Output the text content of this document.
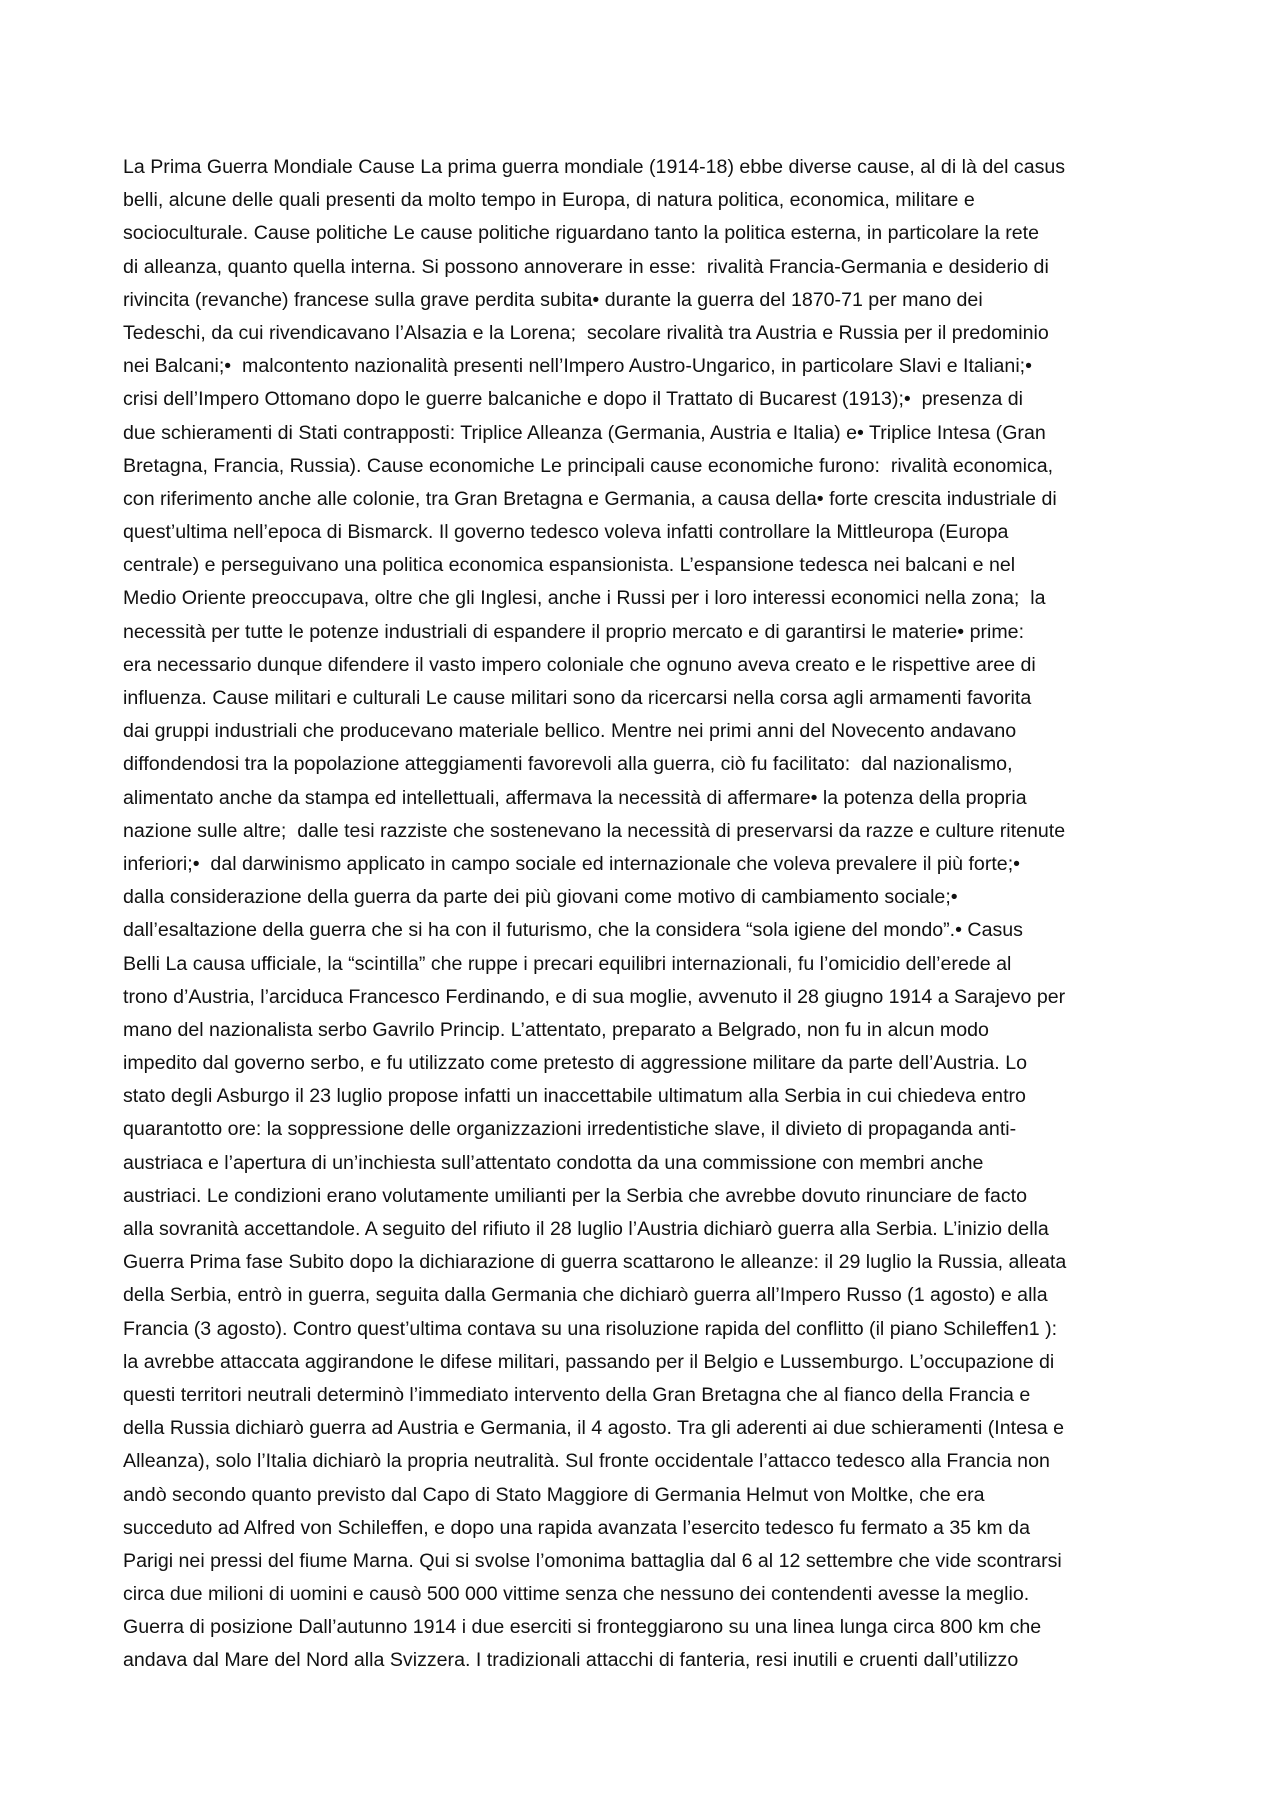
La Prima Guerra Mondiale Cause La prima guerra mondiale (1914-18) ebbe diverse cause, al di là del casus
belli, alcune delle quali presenti da molto tempo in Europa, di natura politica, economica, militare e
socioculturale. Cause politiche Le cause politiche riguardano tanto la politica esterna, in particolare la rete
di alleanza, quanto quella interna. Si possono annoverare in esse:  rivalità Francia-Germania e desiderio di
rivincita (revanche) francese sulla grave perdita subita• durante la guerra del 1870-71 per mano dei
Tedeschi, da cui rivendicavano l’Alsazia e la Lorena;  secolare rivalità tra Austria e Russia per il predominio
nei Balcani;•  malcontento nazionalità presenti nell’Impero Austro-Ungarico, in particolare Slavi e Italiani;•
crisi dell’Impero Ottomano dopo le guerre balcaniche e dopo il Trattato di Bucarest (1913);•  presenza di
due schieramenti di Stati contrapposti: Triplice Alleanza (Germania, Austria e Italia) e• Triplice Intesa (Gran
Bretagna, Francia, Russia). Cause economiche Le principali cause economiche furono:  rivalità economica,
con riferimento anche alle colonie, tra Gran Bretagna e Germania, a causa della• forte crescita industriale di
quest’ultima nell’epoca di Bismarck. Il governo tedesco voleva infatti controllare la Mittleuropa (Europa
centrale) e perseguivano una politica economica espansionista. L’espansione tedesca nei balcani e nel
Medio Oriente preoccupava, oltre che gli Inglesi, anche i Russi per i loro interessi economici nella zona;  la
necessità per tutte le potenze industriali di espandere il proprio mercato e di garantirsi le materie• prime:
era necessario dunque difendere il vasto impero coloniale che ognuno aveva creato e le rispettive aree di
influenza. Cause militari e culturali Le cause militari sono da ricercarsi nella corsa agli armamenti favorita
dai gruppi industriali che producevano materiale bellico. Mentre nei primi anni del Novecento andavano
diffondendosi tra la popolazione atteggiamenti favorevoli alla guerra, ciò fu facilitato:  dal nazionalismo,
alimentato anche da stampa ed intellettuali, affermava la necessità di affermare• la potenza della propria
nazione sulle altre;  dalle tesi razziste che sostenevano la necessità di preservarsi da razze e culture ritenute
inferiori;•  dal darwinismo applicato in campo sociale ed internazionale che voleva prevalere il più forte;•
dalla considerazione della guerra da parte dei più giovani come motivo di cambiamento sociale;•
dall’esaltazione della guerra che si ha con il futurismo, che la considera “sola igiene del mondo”.• Casus
Belli La causa ufficiale, la “scintilla” che ruppe i precari equilibri internazionali, fu l’omicidio dell’erede al
trono d’Austria, l’arciduca Francesco Ferdinando, e di sua moglie, avvenuto il 28 giugno 1914 a Sarajevo per
mano del nazionalista serbo Gavrilo Princip. L’attentato, preparato a Belgrado, non fu in alcun modo
impedito dal governo serbo, e fu utilizzato come pretesto di aggressione militare da parte dell’Austria. Lo
stato degli Asburgo il 23 luglio propose infatti un inaccettabile ultimatum alla Serbia in cui chiedeva entro
quarantotto ore: la soppressione delle organizzazioni irredentistiche slave, il divieto di propaganda anti-
austriaca e l’apertura di un’inchiesta sull’attentato condotta da una commissione con membri anche
austriaci. Le condizioni erano volutamente umilianti per la Serbia che avrebbe dovuto rinunciare de facto
alla sovranità accettandole. A seguito del rifiuto il 28 luglio l’Austria dichiarò guerra alla Serbia. L’inizio della
Guerra Prima fase Subito dopo la dichiarazione di guerra scattarono le alleanze: il 29 luglio la Russia, alleata
della Serbia, entrò in guerra, seguita dalla Germania che dichiarò guerra all’Impero Russo (1 agosto) e alla
Francia (3 agosto). Contro quest’ultima contava su una risoluzione rapida del conflitto (il piano Schileffen1 ):
la avrebbe attaccata aggirandone le difese militari, passando per il Belgio e Lussemburgo. L’occupazione di
questi territori neutrali determinò l’immediato intervento della Gran Bretagna che al fianco della Francia e
della Russia dichiarò guerra ad Austria e Germania, il 4 agosto. Tra gli aderenti ai due schieramenti (Intesa e
Alleanza), solo l’Italia dichiarò la propria neutralità. Sul fronte occidentale l’attacco tedesco alla Francia non
andò secondo quanto previsto dal Capo di Stato Maggiore di Germania Helmut von Moltke, che era
succeduto ad Alfred von Schileffen, e dopo una rapida avanzata l’esercito tedesco fu fermato a 35 km da
Parigi nei pressi del fiume Marna. Qui si svolse l’omonima battaglia dal 6 al 12 settembre che vide scontrarsi
circa due milioni di uomini e causò 500 000 vittime senza che nessuno dei contendenti avesse la meglio.
Guerra di posizione Dall’autunno 1914 i due eserciti si fronteggiarono su una linea lunga circa 800 km che
andava dal Mare del Nord alla Svizzera. I tradizionali attacchi di fanteria, resi inutili e cruenti dall’utilizzo
